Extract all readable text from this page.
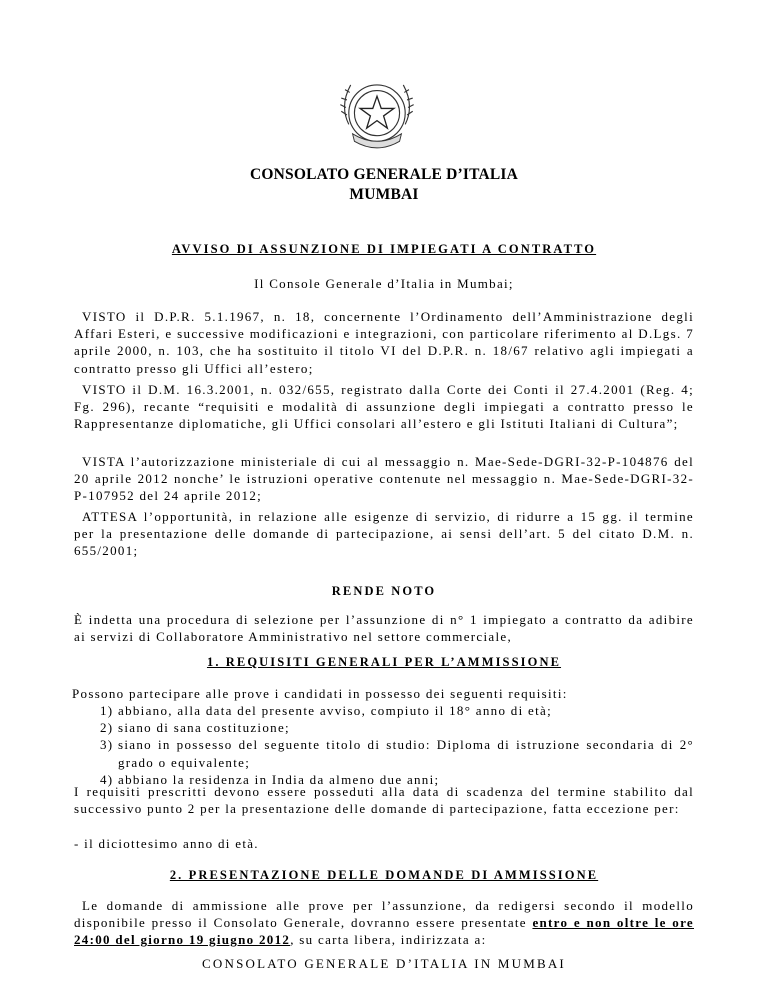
CONSOLATO GENERALE D’ITALIA
MUMBAI
AVVISO DI ASSUNZIONE DI IMPIEGATI A CONTRATTO
Il Console Generale d’Italia in Mumbai;

VISTO il D.P.R. 5.1.1967, n. 18, concernente l’Ordinamento dell’Amministrazione degli Affari Esteri, e successive modificazioni e integrazioni, con particolare riferimento al D.Lgs. 7 aprile 2000, n. 103, che ha sostituito il titolo VI del D.P.R. n. 18/67 relativo agli impiegati a contratto presso gli Uffici all’estero;

VISTO il D.M. 16.3.2001, n. 032/655, registrato dalla Corte dei Conti il 27.4.2001 (Reg. 4; Fg. 296), recante “requisiti e modalità di assunzione degli impiegati a contratto presso le Rappresentanze diplomatiche, gli Uffici consolari all’estero e gli Istituti Italiani di Cultura”;

VISTA l’autorizzazione ministeriale di cui al messaggio n. Mae-Sede-DGRI-32-P-104876 del 20 aprile 2012 nonche’ le istruzioni operative contenute nel messaggio n. Mae-Sede-DGRI-32- P-107952 del 24 aprile 2012;

ATTESA l’opportunità, in relazione alle esigenze di servizio, di ridurre a 15 gg. il termine per la presentazione delle domande di partecipazione, ai sensi dell’art. 5 del citato D.M. n. 655/2001;

RENDE NOTO

È indetta una procedura di selezione per l’assunzione di n° 1 impiegato a contratto da adibire ai servizi di Collaboratore Amministrativo nel settore commerciale,

1. REQUISITI GENERALI PER L’AMMISSIONE

Possono partecipare alle prove i candidati in possesso dei seguenti requisiti:

1) abbiano, alla data del presente avviso, compiuto il 18° anno di età;
2) siano di sana costituzione;
3) siano in possesso del seguente titolo di studio: Diploma di istruzione secondaria di 2° grado o equivalente;
4) abbiano la residenza in India da almeno due anni;

I requisiti prescritti devono essere posseduti alla data di scadenza del termine stabilito dal successivo punto 2 per la presentazione delle domande di partecipazione, fatta eccezione per:

- il diciottesimo anno di età.

2. PRESENTAZIONE DELLE DOMANDE DI AMMISSIONE

Le domande di ammissione alle prove per l’assunzione, da redigersi secondo il modello disponibile presso il Consolato Generale, dovranno essere presentate entro e non oltre le ore 24:00 del giorno 19 giugno 2012, su carta libera, indirizzata a:

CONSOLATO GENERALE D’ITALIA IN MUMBAI
